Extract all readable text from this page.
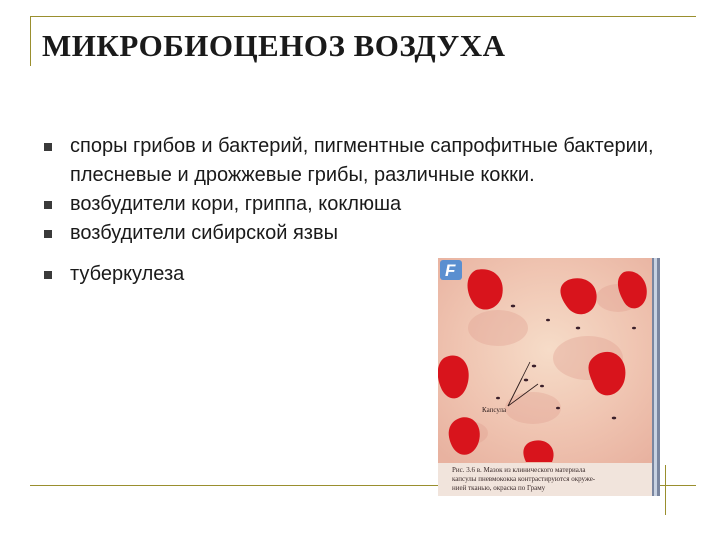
МИКРОБИОЦЕНОЗ ВОЗДУХА
споры грибов и бактерий, пигментные сапрофитные бактерии, плесневые и дрожжевые грибы, различные кокки.
возбудители кори, гриппа, коклюша
возбудители сибирской язвы
туберкулеза
Капсула
F
Рис. 3.6 в. Мазок из клинического материала
капсулы пневмококка контрастируются окруже-
нией тканью, окраска по Граму
